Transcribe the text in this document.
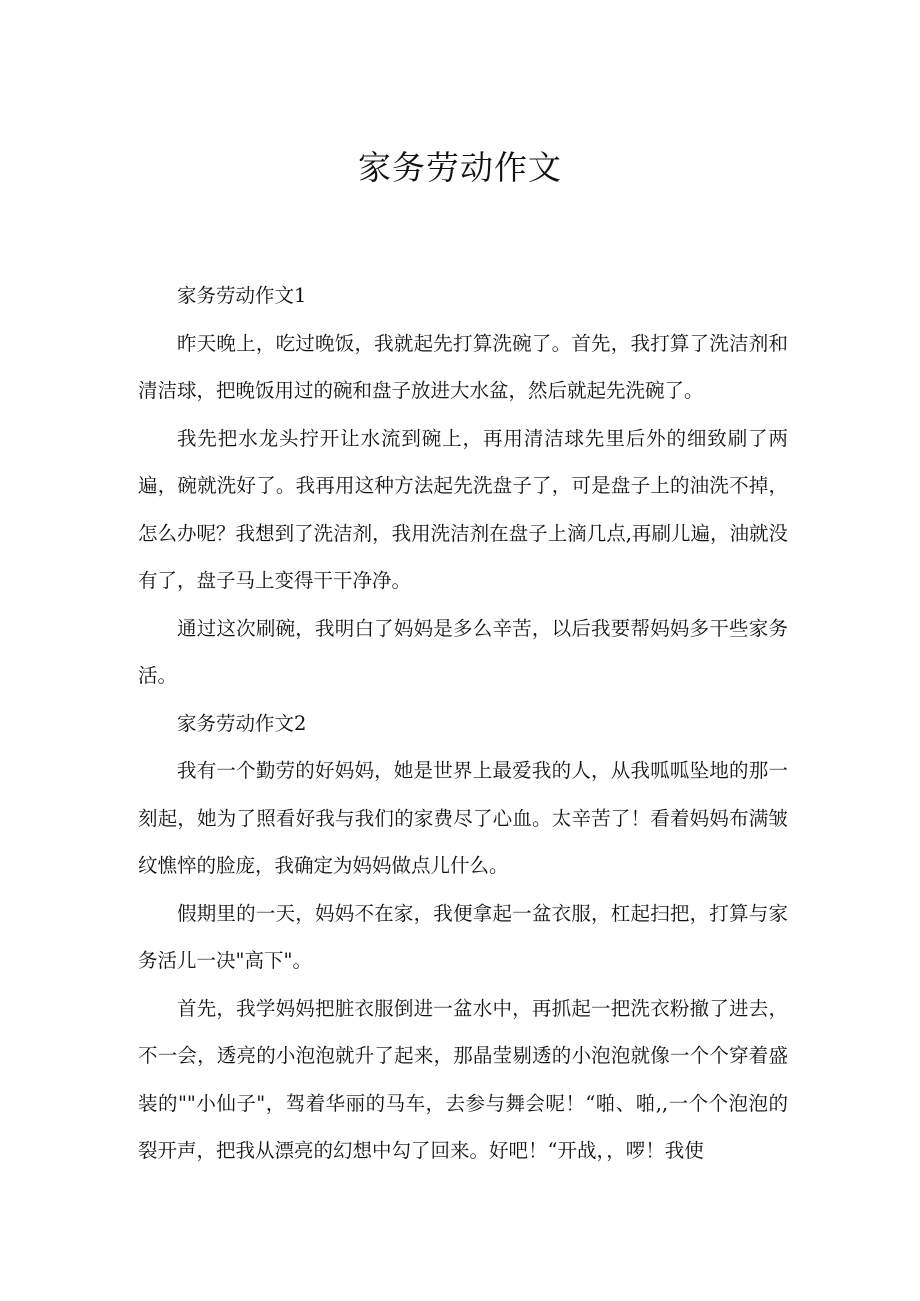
家务劳动作文

家务劳动作文1

昨天晚上，吃过晚饭，我就起先打算洗碗了。首先，我打算了洗洁剂和清洁球，把晚饭用过的碗和盘子放进大水盆，然后就起先洗碗了。

我先把水龙头拧开让水流到碗上，再用清洁球先里后外的细致刷了两遍，碗就洗好了。我再用这种方法起先洗盘子了，可是盘子上的油洗不掉，怎么办呢？我想到了洗洁剂，我用洗洁剂在盘子上滴几点,再刷儿遍，油就没有了，盘子马上变得干干净净。

通过这次刷碗，我明白了妈妈是多么辛苦，以后我要帮妈妈多干些家务活。

家务劳动作文2

我有一个勤劳的好妈妈，她是世界上最爱我的人，从我呱呱坠地的那一刻起，她为了照看好我与我们的家费尽了心血。太辛苦了！看着妈妈布满皱纹憔悴的脸庞，我确定为妈妈做点儿什么。

假期里的一天，妈妈不在家，我便拿起一盆衣服，杠起扫把，打算与家务活儿一决"高下"。

首先，我学妈妈把脏衣服倒进一盆水中，再抓起一把洗衣粉撤了进去，不一会，透亮的小泡泡就升了起来，那晶莹剔透的小泡泡就像一个个穿着盛装的""小仙子"，驾着华丽的马车，去参与舞会呢！“啪、啪,,一个个泡泡的裂开声，把我从漂亮的幻想中勾了回来。好吧！“开战，，啰！我使
